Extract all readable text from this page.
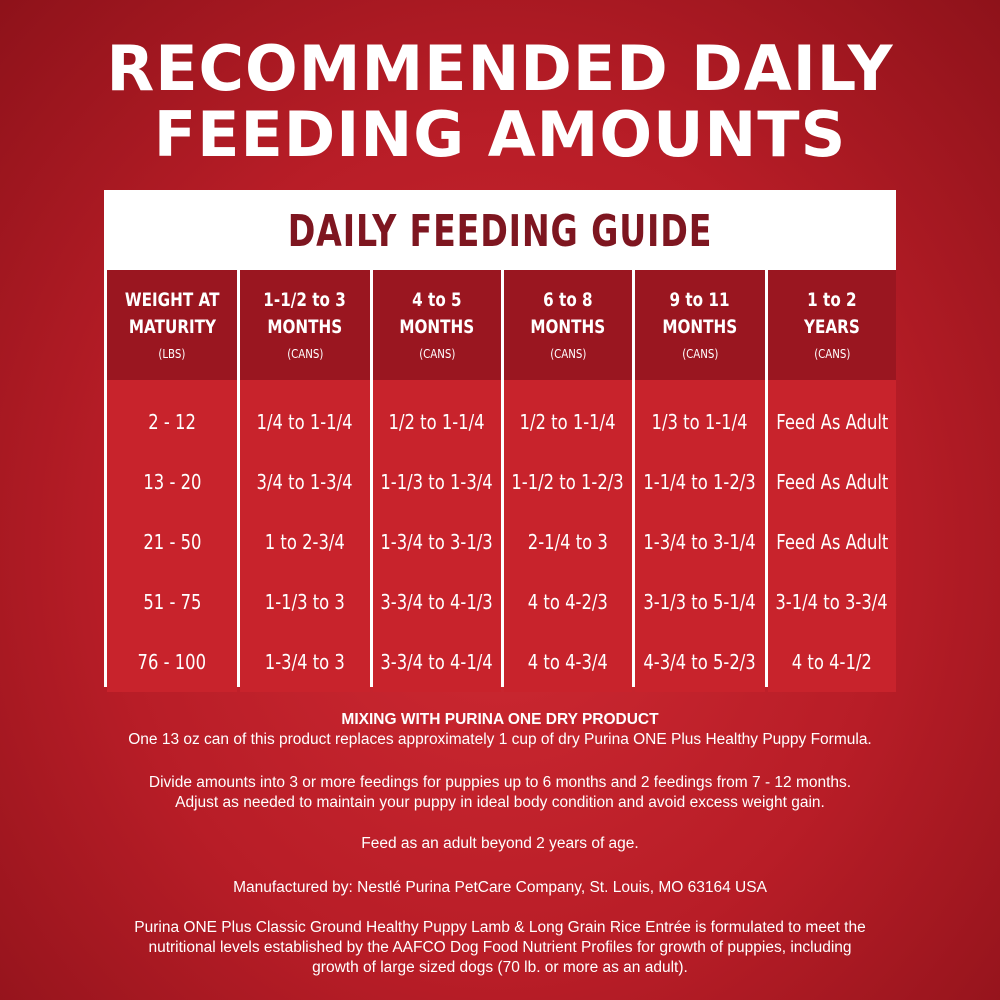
RECOMMENDED DAILY
FEEDING AMOUNTS
DAILY FEEDING GUIDE
WEIGHT AT
MATURITY
(LBS)
2 - 12
13 - 20
21 - 50
51 - 75
76 - 100
1-1/2 to 3
MONTHS
(CANS)
1/4 to 1-1/4
3/4 to 1-3/4
1 to 2-3/4
1-1/3 to 3
1-3/4 to 3
4 to 5
MONTHS
(CANS)
1/2 to 1-1/4
1-1/3 to 1-3/4
1-3/4 to 3-1/3
3-3/4 to 4-1/3
3-3/4 to 4-1/4
6 to 8
MONTHS
(CANS)
1/2 to 1-1/4
1-1/2 to 1-2/3
2-1/4 to 3
4 to 4-2/3
4 to 4-3/4
9 to 11
MONTHS
(CANS)
1/3 to 1-1/4
1-1/4 to 1-2/3
1-3/4 to 3-1/4
3-1/3 to 5-1/4
4-3/4 to 5-2/3
1 to 2
YEARS
(CANS)
Feed As Adult
Feed As Adult
Feed As Adult
3-1/4 to 3-3/4
4 to 4-1/2
MIXING WITH PURINA ONE DRY PRODUCT
One 13 oz can of this product replaces approximately 1 cup of dry Purina ONE Plus Healthy Puppy Formula.
Divide amounts into 3 or more feedings for puppies up to 6 months and 2 feedings from 7 - 12 months.
Adjust as needed to maintain your puppy in ideal body condition and avoid excess weight gain.
Feed as an adult beyond 2 years of age.
Manufactured by: Nestlé Purina PetCare Company, St. Louis, MO 63164 USA
Purina ONE Plus Classic Ground Healthy Puppy Lamb & Long Grain Rice Entrée is formulated to meet the
nutritional levels established by the AAFCO Dog Food Nutrient Profiles for growth of puppies, including
growth of large sized dogs (70 lb. or more as an adult).
